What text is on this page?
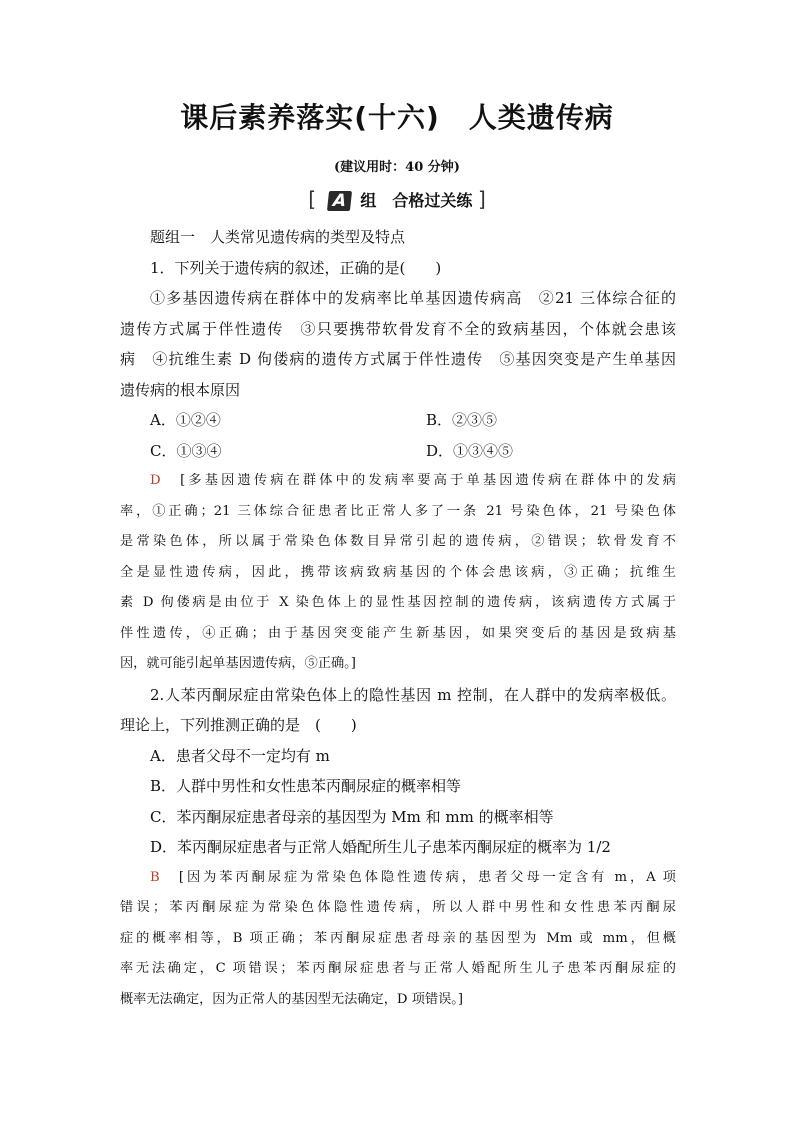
课后素养落实(十六)　人类遗传病
(建议用时：40 分钟)
[ A 组　合格过关练 ]
题组一　人类常见遗传病的类型及特点
1．下列关于遗传病的叙述，正确的是(　　)
①多基因遗传病在群体中的发病率比单基因遗传病高　②21 三体综合征的
遗传方式属于伴性遗传　③只要携带软骨发育不全的致病基因，个体就会患该
病　④抗维生素 D 佝偻病的遗传方式属于伴性遗传　⑤基因突变是产生单基因
遗传病的根本原因
A．①②④	B．②③⑤
C．①③④	D．①③④⑤
D　[多基因遗传病在群体中的发病率要高于单基因遗传病在群体中的发病
率，①正确；21 三体综合征患者比正常人多了一条 21 号染色体，21 号染色体
是常染色体，所以属于常染色体数目异常引起的遗传病，②错误；软骨发育不
全是显性遗传病，因此，携带该病致病基因的个体会患该病，③正确；抗维生
素 D 佝偻病是由位于 X 染色体上的显性基因控制的遗传病，该病遗传方式属于
伴性遗传，④正确；由于基因突变能产生新基因，如果突变后的基因是致病基
因，就可能引起单基因遗传病，⑤正确。]
2.人苯丙酮尿症由常染色体上的隐性基因 m 控制，在人群中的发病率极低。
理论上，下列推测正确的是　(　　)
A．患者父母不一定均有 m
B．人群中男性和女性患苯丙酮尿症的概率相等
C．苯丙酮尿症患者母亲的基因型为 Mm 和 mm 的概率相等
D．苯丙酮尿症患者与正常人婚配所生儿子患苯丙酮尿症的概率为 1/2
B　[因为苯丙酮尿症为常染色体隐性遗传病，患者父母一定含有 m，A 项
错误；苯丙酮尿症为常染色体隐性遗传病，所以人群中男性和女性患苯丙酮尿
症的概率相等，B 项正确；苯丙酮尿症患者母亲的基因型为 Mm 或 mm，但概
率无法确定，C 项错误；苯丙酮尿症患者与正常人婚配所生儿子患苯丙酮尿症的
概率无法确定，因为正常人的基因型无法确定，D 项错误。]
